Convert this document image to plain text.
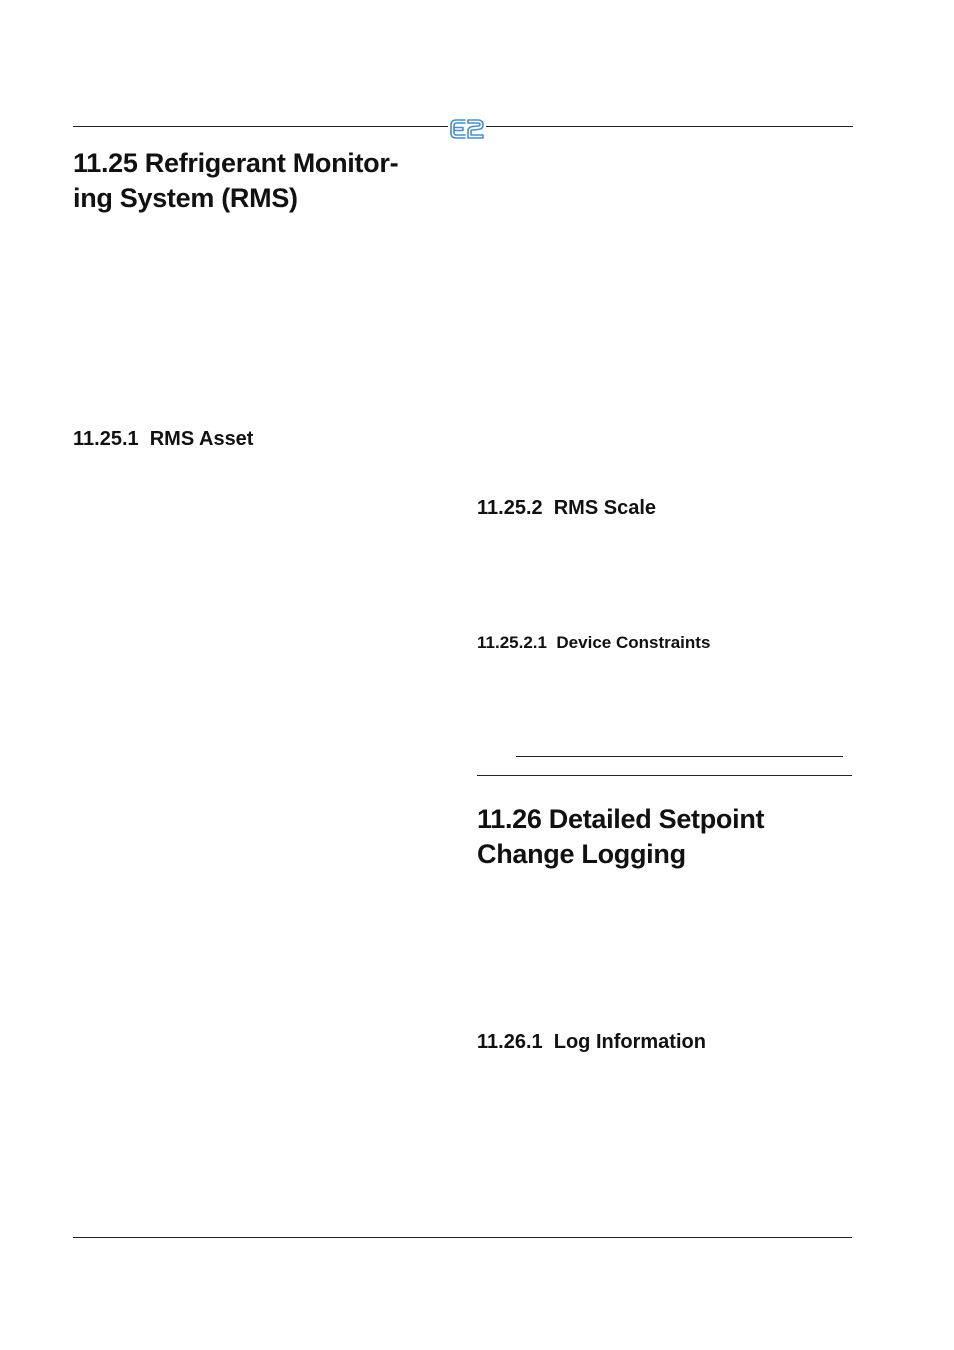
11.25 Refrigerant Monitor-
ing System (RMS)
11.25.1  RMS Asset
11.25.2  RMS Scale
11.25.2.1  Device Constraints
11.26 Detailed Setpoint
Change Logging
11.26.1  Log Information
